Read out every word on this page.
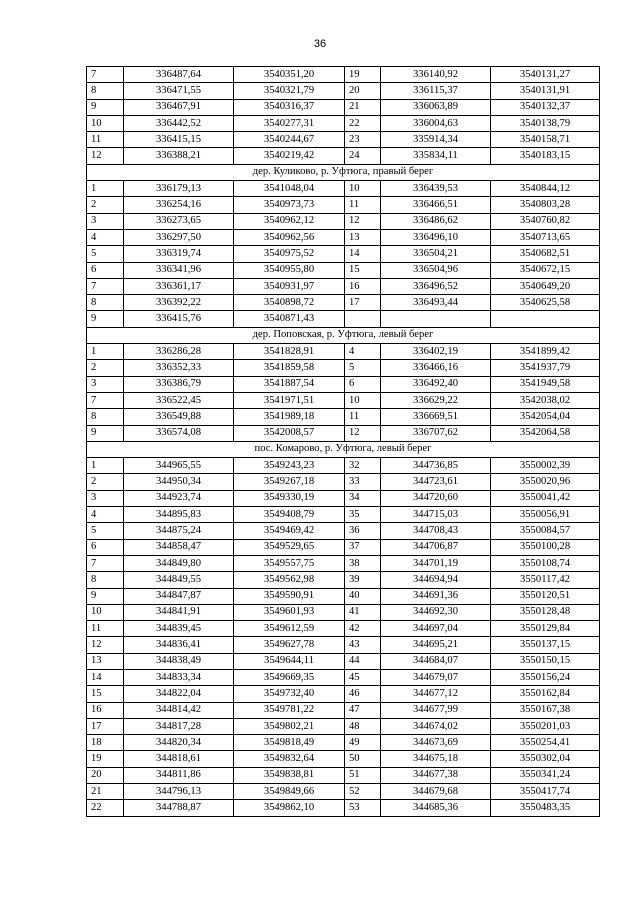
36
7	336487,64	3540351,20	19	336140,92	3540131,27
8	336471,55	3540321,79	20	336115,37	3540131,91
9	336467,91	3540316,37	21	336063,89	3540132,37
10	336442,52	3540277,31	22	336004,63	3540138,79
11	336415,15	3540244,67	23	335914,34	3540158,71
12	336388,21	3540219,42	24	335834,11	3540183,15
дер. Куликово, р. Уфтюга, правый берег					
1	336179,13	3541048,04	10	336439,53	3540844,12
2	336254,16	3540973,73	11	336466,51	3540803,28
3	336273,65	3540962,12	12	336486,62	3540760,82
4	336297,50	3540962,56	13	336496,10	3540713,65
5	336319,74	3540975,52	14	336504,21	3540682,51
6	336341,96	3540955,80	15	336504,96	3540672,15
7	336361,17	3540931,97	16	336496,52	3540649,20
8	336392,22	3540898,72	17	336493,44	3540625,58
9	336415,76	3540871,43			
дер. Поповская, р. Уфтюга, левый берег					
1	336286,28	3541828,91	4	336402,19	3541899,42
2	336352,33	3541859,58	5	336466,16	3541937,79
3	336386,79	3541887,54	6	336492,40	3541949,58
7	336522,45	3541971,51	10	336629,22	3542038,02
8	336549,88	3541989,18	11	336669,51	3542054,04
9	336574,08	3542008,57	12	336707,62	3542064,58
пос. Комарово, р. Уфтюга, левый берег					
1	344965,55	3549243,23	32	344736,85	3550002,39
2	344950,34	3549267,18	33	344723,61	3550020,96
3	344923,74	3549330,19	34	344720,60	3550041,42
4	344895,83	3549408,79	35	344715,03	3550056,91
5	344875,24	3549469,42	36	344708,43	3550084,57
6	344858,47	3549529,65	37	344706,87	3550100,28
7	344849,80	3549557,75	38	344701,19	3550108,74
8	344849,55	3549562,98	39	344694,94	3550117,42
9	344847,87	3549590,91	40	344691,36	3550120,51
10	344841,91	3549601,93	41	344692,30	3550128,48
11	344839,45	3549612,59	42	344697,04	3550129,84
12	344836,41	3549627,78	43	344695,21	3550137,15
13	344838,49	3549644,11	44	344684,07	3550150,15
14	344833,34	3549669,35	45	344679,07	3550156,24
15	344822,04	3549732,40	46	344677,12	3550162,84
16	344814,42	3549781,22	47	344677,99	3550167,38
17	344817,28	3549802,21	48	344674,02	3550201,03
18	344820,34	3549818,49	49	344673,69	3550254,41
19	344818,61	3549832,64	50	344675,18	3550302,04
20	344811,86	3549838,81	51	344677,38	3550341,24
21	344796,13	3549849,66	52	344679,68	3550417,74
22	344788,87	3549862,10	53	344685,36	3550483,35
